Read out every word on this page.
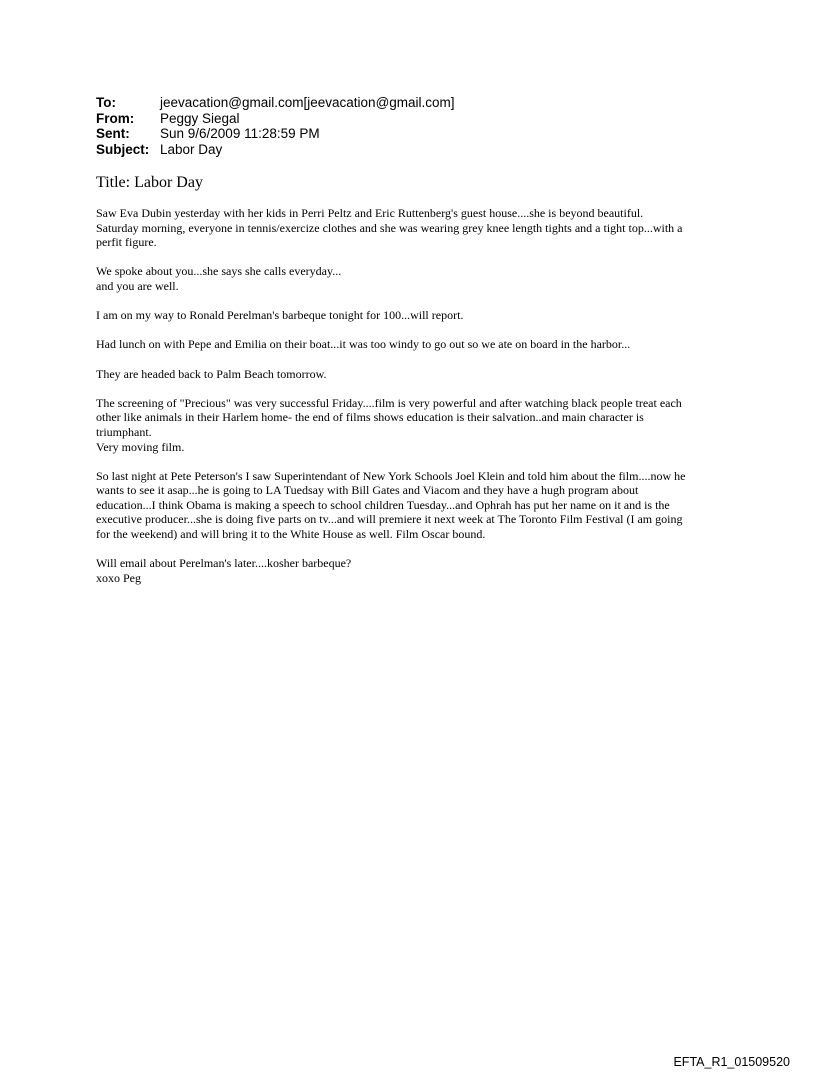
To:	jeevacation@gmail.com[jeevacation@gmail.com]
From:	Peggy Siegal
Sent:	Sun 9/6/2009 11:28:59 PM
Subject: Labor Day
Title: Labor Day

Saw Eva Dubin yesterday with her kids in Perri Peltz and Eric Ruttenberg's guest house....she is beyond beautiful.
Saturday morning, everyone in tennis/exercize clothes and she was wearing grey knee length tights and a tight top...with a
perfit figure.

We spoke about you...she says she calls everyday...
and you are well.

I am on my way to Ronald Perelman's barbeque tonight for 100...will report.

Had lunch on with Pepe and Emilia on their boat...it was too windy to go out so we ate on board in the harbor...

They are headed back to Palm Beach tomorrow.

The screening of "Precious" was very successful Friday....film is very powerful and after watching black people treat each
other like animals in their Harlem home- the end of films shows education is their salvation..and main character is
triumphant.
Very moving film.

So last night at Pete Peterson's I saw Superintendant of New York Schools Joel Klein and told him about the film....now he
wants to see it asap...he is going to LA Tuedsay with Bill Gates and Viacom and they have a hugh program about
education...I think Obama is making a speech to school children Tuesday...and Ophrah has put her name on it and is the
executive producer...she is doing five parts on tv...and will premiere it next week at The Toronto Film Festival (I am going
for the weekend) and will bring it to the White House as well. Film Oscar bound.

Will email about Perelman's later....kosher barbeque?
xoxo Peg

EFTA_R1_01509520
